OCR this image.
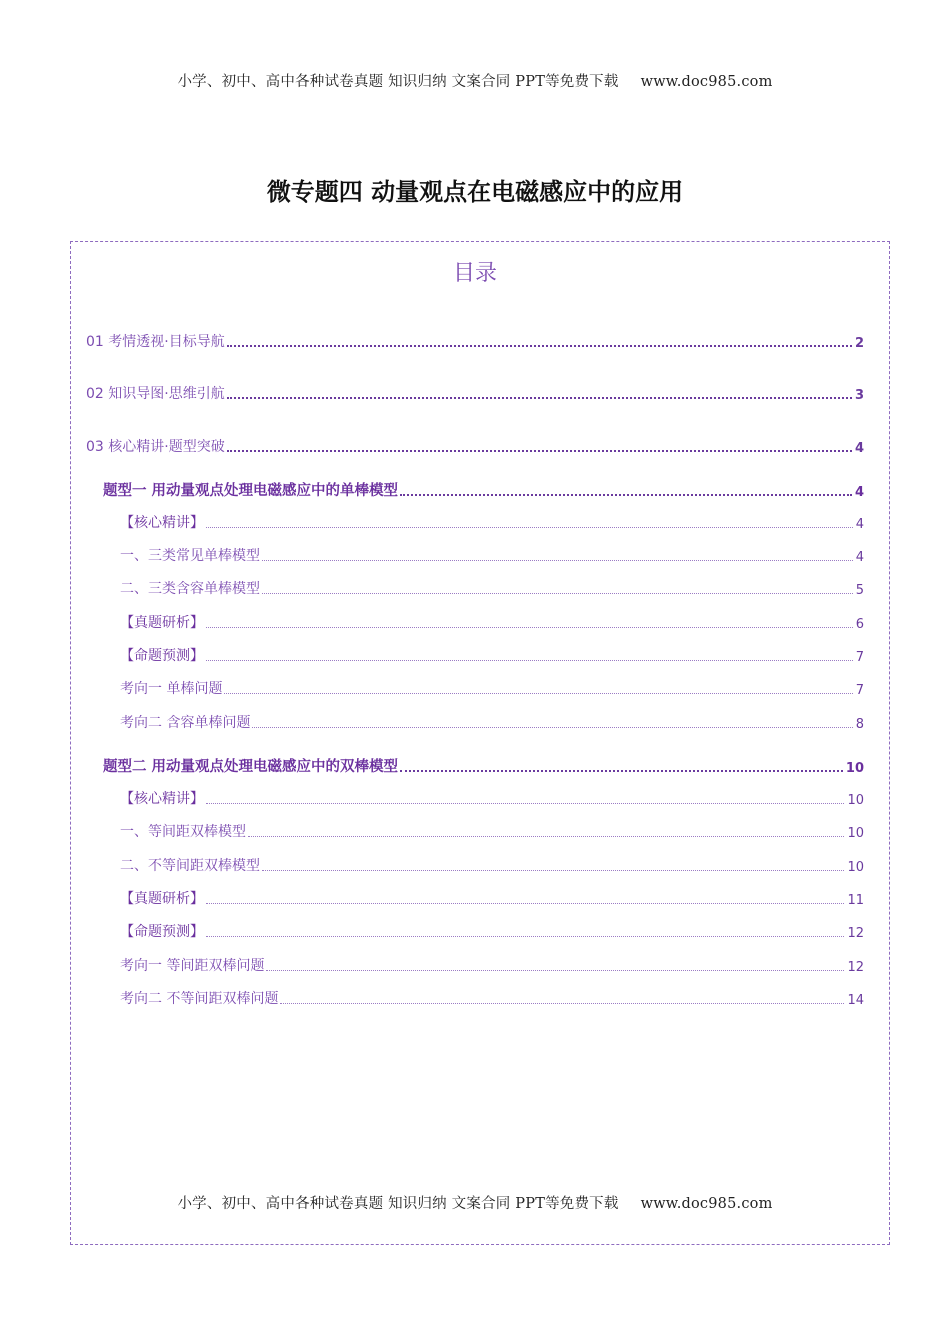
小学、初中、高中各种试卷真题 知识归纳 文案合同 PPT等免费下载 www.doc985.com
微专题四 动量观点在电磁感应中的应用
目录
01 考情透视·目标导航	2
02 知识导图·思维引航	3
03 核心精讲·题型突破	4
题型一 用动量观点处理电磁感应中的单棒模型	4
【核心精讲】	4
一、三类常见单棒模型	4
二、三类含容单棒模型	5
【真题研析】	6
【命题预测】	7
考向一 单棒问题	7
考向二 含容单棒问题	8
题型二 用动量观点处理电磁感应中的双棒模型	10
【核心精讲】	10
一、等间距双棒模型	10
二、不等间距双棒模型	10
【真题研析】	11
【命题预测】	12
考向一 等间距双棒问题	12
考向二 不等间距双棒问题	14
小学、初中、高中各种试卷真题 知识归纳 文案合同 PPT等免费下载 www.doc985.com
